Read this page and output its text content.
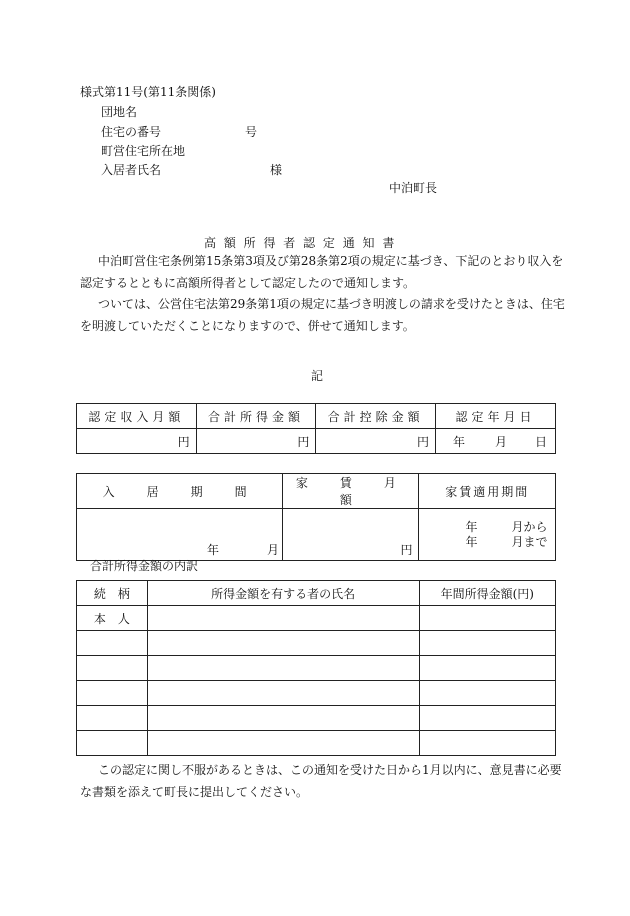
様式第11号(第11条関係)
団地名
住宅の番号	号
町営住宅所在地
入居者氏名	様
中泊町長
高 額 所 得 者 認 定 通 知 書
中泊町営住宅条例第15条第3項及び第28条第2項の規定に基づき、下記のとおり収入を
認定するとともに高額所得者として認定したので通知します。
ついては、公営住宅法第29条第1項の規定に基づき明渡しの請求を受けたときは、住宅
を明渡していただくことになりますので、併せて通知します。
記
認定収入月額	合計所得金額	合計控除金額	認定年月日
円	円	円	年 月 日
入　居　期　間	家　賃　月　額	家賃適用期間
年 月	円	年 月から
年 月まで
合計所得金額の内訳
続　柄	所得金額を有する者の氏名	年間所得金額(円)
本　人		

この認定に関し不服があるときは、この通知を受けた日から1月以内に、意見書に必要
な書類を添えて町長に提出してください。
